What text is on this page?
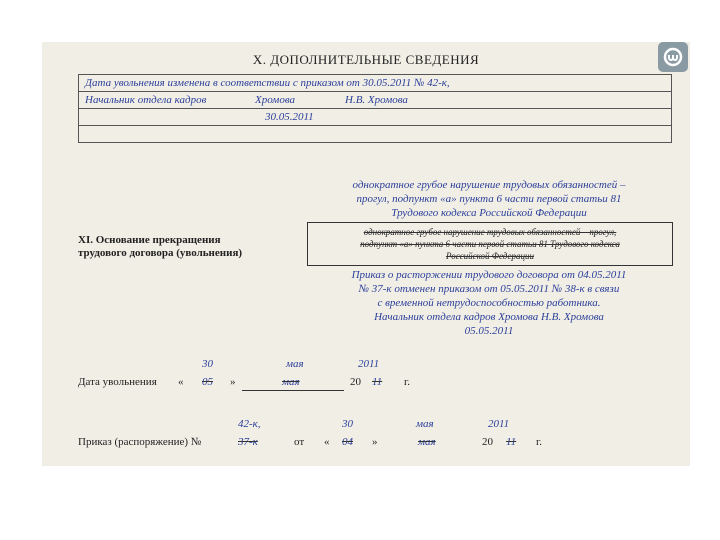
X. ДОПОЛНИТЕЛЬНЫЕ СВЕДЕНИЯ
Дата увольнения изменена в соответствии с приказом от 30.05.2011 № 42-к,
Начальник отдела кадров	Хромова	Н.В. Хромова
30.05.2011

однократное грубое нарушение трудовых обязанностей –
прогул, подпункт «а» пункта 6 части первой статьи 81
Трудового кодекса Российской Федерации
XI. Основание прекращения
трудового договора (увольнения)
однократное грубое нарушение трудовых обязанностей – прогул,
подпункт «а» пункта 6 части первой статьи 81 Трудового кодекса
Российской Федерации
Приказ о расторжении трудового договора от 04.05.2011
№ 37-к отменен приказом от 05.05.2011 № 38-к в связи
с временной нетрудоспособностью работника.
Начальник отдела кадров Хромова Н.В. Хромова
05.05.2011
30	мая	2011
Дата увольнения « 05 »	мая	20 11 г.
42-к,	30	мая	2011
Приказ (распоряжение) №	37-к	от « 04 »	мая	20 11 г.
